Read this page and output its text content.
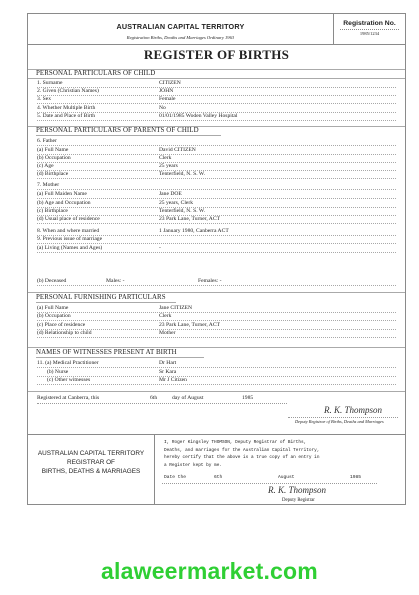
AUSTRALIAN CAPITAL TERRITORY
Registration Births, Deaths and Marriages Ordinary 1963
Registration No.
1985/1234
REGISTER OF BIRTHS
PERSONAL PARTICULARS OF CHILD
1. Surname	CITIZEN
2. Given (Christian Names)	JOHN
3. Sex	Female
4. Whether Multiple Birth	No
5. Date and Place of Birth	01/01/1985 Woden Valley Hospital
PERSONAL PARTICULARS OF PARENTS OF CHILD
6. Father
(a) Full Name	David CITIZEN
(b) Occupation	Clerk
(c) Age	25 years
(d) Birthplace	Tenterfield, N. S. W.
7. Mother
(a) Full Maiden Name	Jane DOE
(b) Age and Occupation	25 years, Clerk
(c) Birthplace	Tenterfield, N. S. W.
(d) Usual place of residence	23 Park Lane, Turner, ACT
8. When and where married	1 January 1980, Canberra ACT
9. Previous issue of marriage
(a) Living (Names and Ages)	-
(b) Deceased	Males: -	Females: -
PERSONAL FURNISHING PARTICULARS
(a) Full Name	Jane CITIZEN
(b) Occupation	Clerk
(c) Place of residence	23 Park Lane, Turner, ACT
(d) Relationship to child	Mother
NAMES OF WITNESSES PRESENT AT BIRTH
11. (a) Medical Practitioner	Dr Hart
(b) Nurse	Sr Kara
(c) Other witnesses	Mr J Citizen
Registered at Canberra, this	6th	day of August	1985
R. K. Thompson
Deputy Registrar of Births, Deaths and Marriages
AUSTRALIAN CAPITAL TERRITORY
REGISTRAR OF
BIRTHS, DEATHS & MARRIAGES
I, Roger Kingsley THOMSON, Deputy Registrar of Births,
Deaths, and marriages for the Australian Capital Territory,
hereby certify that the above is a true copy of an entry in
a Register kept by me.
Date the	6th	August	1985
R. K. Thompson
Deputy Registrar
alaweermarket.com
